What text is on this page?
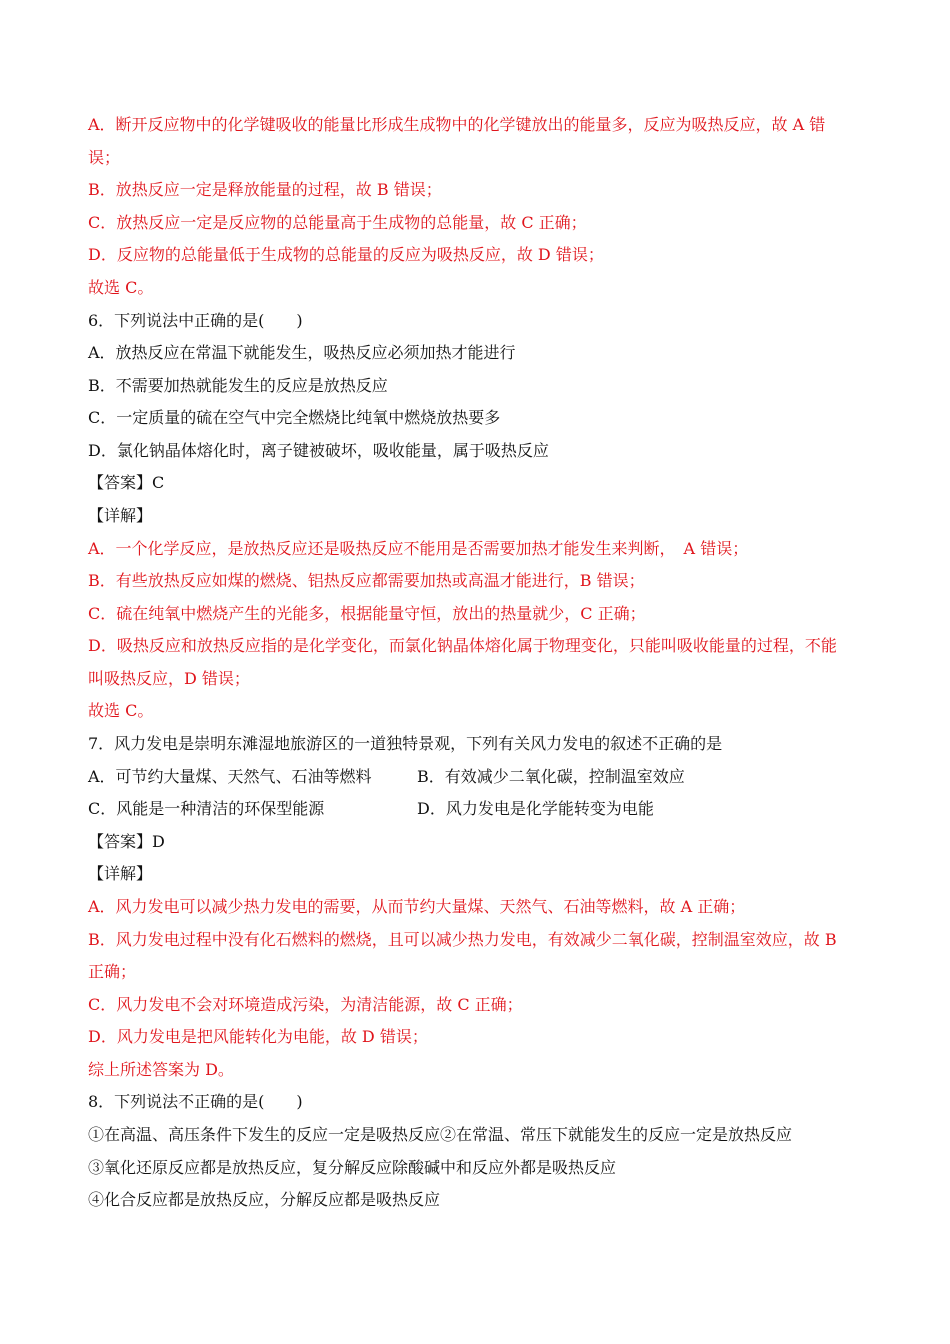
A．断开反应物中的化学键吸收的能量比形成生成物中的化学键放出的能量多，反应为吸热反应，故 A 错
误；
B．放热反应一定是释放能量的过程，故 B 错误；
C．放热反应一定是反应物的总能量高于生成物的总能量，故 C 正确；
D．反应物的总能量低于生成物的总能量的反应为吸热反应，故 D 错误；
故选 C。
6．下列说法中正确的是(　　)
A．放热反应在常温下就能发生，吸热反应必须加热才能进行
B．不需要加热就能发生的反应是放热反应
C．一定质量的硫在空气中完全燃烧比纯氧中燃烧放热要多
D．氯化钠晶体熔化时，离子键被破坏，吸收能量，属于吸热反应
【答案】C
【详解】
A．一个化学反应，是放热反应还是吸热反应不能用是否需要加热才能发生来判断，　A 错误；
B．有些放热反应如煤的燃烧、铝热反应都需要加热或高温才能进行，B 错误；
C．硫在纯氧中燃烧产生的光能多，根据能量守恒，放出的热量就少，C 正确；
D．吸热反应和放热反应指的是化学变化，而氯化钠晶体熔化属于物理变化，只能叫吸收能量的过程，不能
叫吸热反应，D 错误；
故选 C。
7．风力发电是崇明东滩湿地旅游区的一道独特景观，下列有关风力发电的叙述不正确的是
A．可节约大量煤、天然气、石油等燃料	B．有效减少二氧化碳，控制温室效应
C．风能是一种清洁的环保型能源	D．风力发电是化学能转变为电能
【答案】D
【详解】
A．风力发电可以减少热力发电的需要，从而节约大量煤、天然气、石油等燃料，故 A 正确；
B．风力发电过程中没有化石燃料的燃烧，且可以减少热力发电，有效减少二氧化碳，控制温室效应，故 B
正确；
C．风力发电不会对环境造成污染，为清洁能源，故 C 正确；
D．风力发电是把风能转化为电能，故 D 错误；
综上所述答案为 D。
8．下列说法不正确的是(　　)
①在高温、高压条件下发生的反应一定是吸热反应②在常温、常压下就能发生的反应一定是放热反应
③氧化还原反应都是放热反应，复分解反应除酸碱中和反应外都是吸热反应
④化合反应都是放热反应，分解反应都是吸热反应
